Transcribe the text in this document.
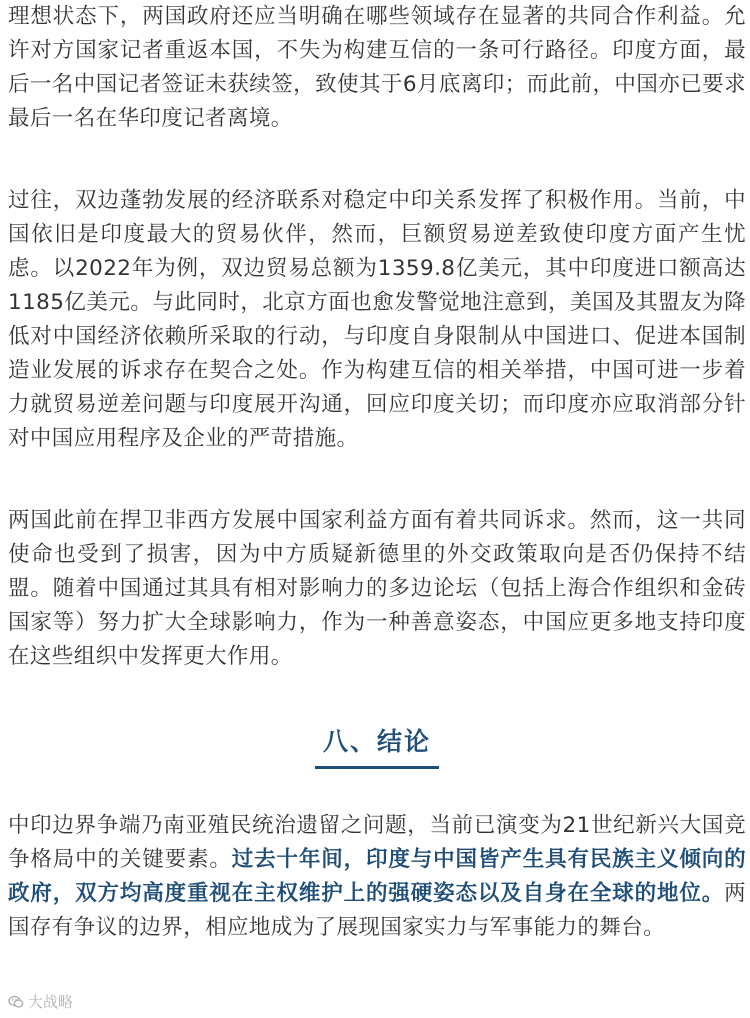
理想状态下，两国政府还应当明确在哪些领域存在显著的共同合作利益。允许对方国家记者重返本国，不失为构建互信的一条可行路径。印度方面，最后一名中国记者签证未获续签，致使其于6月底离印；而此前，中国亦已要求最后一名在华印度记者离境。

过往，双边蓬勃发展的经济联系对稳定中印关系发挥了积极作用。当前，中国依旧是印度最大的贸易伙伴，然而，巨额贸易逆差致使印度方面产生忧虑。以2022年为例，双边贸易总额为1359.8亿美元，其中印度进口额高达1185亿美元。与此同时，北京方面也愈发警觉地注意到，美国及其盟友为降低对中国经济依赖所采取的行动，与印度自身限制从中国进口、促进本国制造业发展的诉求存在契合之处。作为构建互信的相关举措，中国可进一步着力就贸易逆差问题与印度展开沟通，回应印度关切；而印度亦应取消部分针对中国应用程序及企业的严苛措施。

两国此前在捍卫非西方发展中国家利益方面有着共同诉求。然而，这一共同使命也受到了损害，因为中方质疑新德里的外交政策取向是否仍保持不结盟。随着中国通过其具有相对影响力的多边论坛（包括上海合作组织和金砖国家等）努力扩大全球影响力，作为一种善意姿态，中国应更多地支持印度在这些组织中发挥更大作用。

八、结论

中印边界争端乃南亚殖民统治遗留之问题，当前已演变为21世纪新兴大国竞争格局中的关键要素。过去十年间，印度与中国皆产生具有民族主义倾向的政府，双方均高度重视在主权维护上的强硬姿态以及自身在全球的地位。两国存有争议的边界，相应地成为了展现国家实力与军事能力的舞台。

大战略
